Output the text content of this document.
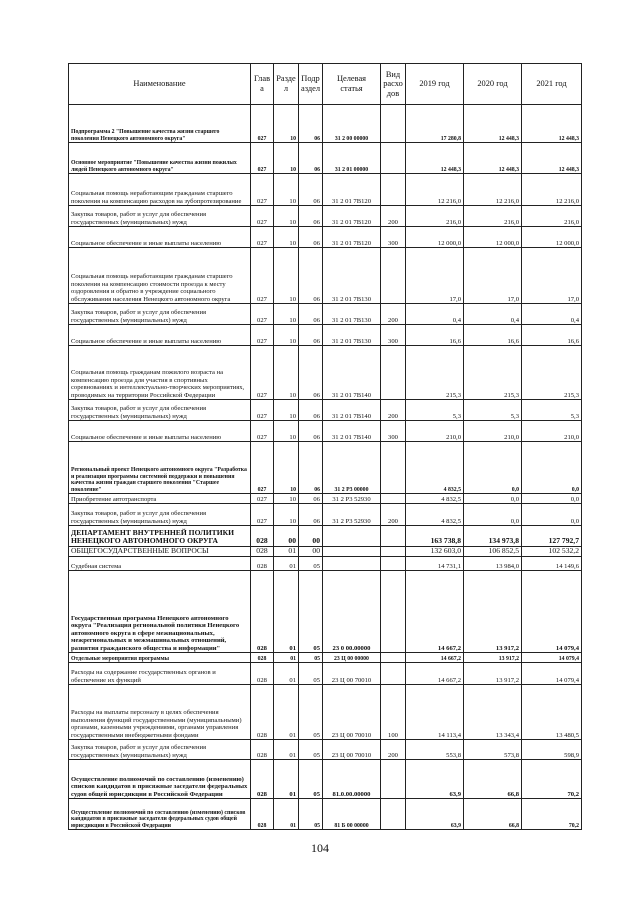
Наименование	Глав а	Разде л	Подр аздел	Целевая статья	Вид расхо дов	2019 год	2020 год	2021 год
Подпрограмма 2 "Повышение качества жизни старшего поколения Ненецкого автономного округа"	027	10	06	31 2 00 00000		17 280,8	12 448,3	12 448,3
Основное мероприятие "Повышение качества жизни пожилых людей Ненецкого автономного округа"	027	10	06	31 2 01 00000		12 448,3	12 448,3	12 448,3
Социальная помощь неработающим гражданам старшего поколения на компенсацию расходов на зубопротезирование	027	10	06	31 2 01 7В120		12 216,0	12 216,0	12 216,0
Закупка товаров, работ и услуг для обеспечения государственных (муниципальных) нужд	027	10	06	31 2 01 7В120	200	216,0	216,0	216,0
Социальное обеспечение и иные выплаты населению	027	10	06	31 2 01 7В120	300	12 000,0	12 000,0	12 000,0
Социальная помощь неработающим гражданам старшего поколения на компенсацию стоимости проезда к месту оздоровления и обратно в учреждение социального обслуживания населения Ненецкого автономного округа	027	10	06	31 2 01 7В130		17,0	17,0	17,0
Закупка товаров, работ и услуг для обеспечения государственных (муниципальных) нужд	027	10	06	31 2 01 7В130	200	0,4	0,4	0,4
Социальное обеспечение и иные выплаты населению	027	10	06	31 2 01 7В130	300	16,6	16,6	16,6
Социальная помощь гражданам пожилого возраста на компенсацию проезда для участия в спортивных соревнованиях и интеллектуально-творческих мероприятиях, проводимых на территории Российской Федерации	027	10	06	31 2 01 7В140		215,3	215,3	215,3
Закупка товаров, работ и услуг для обеспечения государственных (муниципальных) нужд	027	10	06	31 2 01 7В140	200	5,3	5,3	5,3
Социальное обеспечение и иные выплаты населению	027	10	06	31 2 01 7В140	300	210,0	210,0	210,0
Региональный проект Ненецкого автономного округа "Разработка и реализация программы системной поддержки и повышения качества жизни граждан старшего поколения "Старшее поколение"	027	10	06	31 2 P3 00000		4 832,5	0,0	0,0
Приобретение автотранспорта	027	10	06	31 2 P3 52930		4 832,5	0,0	0,0
Закупка товаров, работ и услуг для обеспечения государственных (муниципальных) нужд	027	10	06	31 2 P3 52930	200	4 832,5	0,0	0,0
ДЕПАРТАМЕНТ ВНУТРЕННЕЙ ПОЛИТИКИ НЕНЕЦКОГО АВТОНОМНОГО ОКРУГА	028	00	00			163 738,8	134 973,8	127 792,7
ОБЩЕГОСУДАРСТВЕННЫЕ ВОПРОСЫ	028	01	00			132 603,0	106 852,5	102 532,2
Судебная система	028	01	05			14 731,1	13 984,0	14 149,6
Государственная программа Ненецкого автономного округа "Реализация региональной политики Ненецкого автономного округа в сфере межнациональных, межрегиональных и межмашинальных отношений, развития гражданского общества и информации"	028	01	05	23 0 00.00000		14 667,2	13 917,2	14 079,4
Отдельные мероприятия программы	028	01	05	23 Ц 00 00000		14 667,2	13 917,2	14 079,4
Расходы на содержание государственных органов и обеспечение их функций	028	01	05	23 Ц 00 70010		14 667,2	13 917,2	14 079,4
Расходы на выплаты персоналу в целях обеспечения выполнения функций государственными (муниципальными) органами, казенными учреждениями, органами управления государственными внебюджетными фондами	028	01	05	23 Ц 00 70010	100	14 113,4	13 343,4	13 480,5
Закупка товаров, работ и услуг для обеспечения государственных (муниципальных) нужд	028	01	05	23 Ц 00 70010	200	553,8	573,8	598,9
Осуществление полномочий по составлению (изменению) списков кандидатов в присяжные заседатели федеральных судов общей юрисдикции в Российской Федерации	028	01	05	81.0.00.00000		63,9	66,8	70,2
Осуществление полномочий по составлению (изменению) списков кандидатов в присяжные заседатели федеральных судов общей юрисдикции в Российской Федерации	028	01	05	81 Б 00 00000		63,9	66,8	70,2
104
